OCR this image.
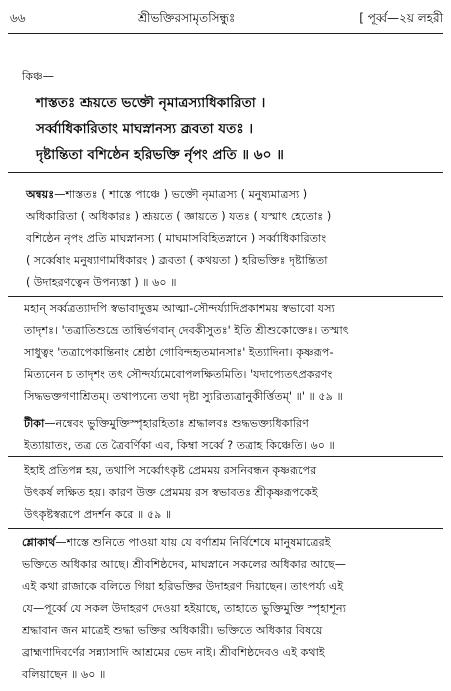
৬৬	শ্রীভক্তিরসামৃতসিন্ধুঃ	[ পূর্ব্ব—২য় লহরী
কিঞ্চ—
শাস্ততঃ শ্রূয়তে ভক্তৌ নৃমাত্রস্যাধিকারিতা ।
সর্ব্বাধিকারিতাং মাঘস্নানস্য ব্রূবতা যতঃ ।
দৃষ্টান্তিতা বশিষ্ঠেন হরিভক্তি র্নৃপং প্রতি ॥ ৬০ ॥
অন্বয়ঃ—শাস্ততঃ ( শাস্তে পাঞ্চে ) ভক্তৌ নৃমাত্রস্য ( মনুষ্যমাত্রস্য )
অধিকারিতা ( অধিকারঃ ) শ্রূয়তে ( জ্ঞায়তে ) যতঃ ( যস্মাৎ হেতোঃ )
বশিষ্ঠেন নৃপং প্রতি মাঘস্নানস্য ( মাঘমাসবিহিতস্নানে ) সর্ব্বাধিকারিতাং
( সর্ব্বেষাং মনুষ্যাণামধিকারং ) ব্রূবতা ( কথয়তা ) হরিভক্তিঃ দৃষ্টান্তিতা
( উদাহরণত্বেন উপন্যস্তা ) ॥ ৬০ ॥
মহান্ সর্ব্বত্রত্যাদপি স্বভাবাদুত্তম আত্মা-সৌন্দর্য্যাদিপ্রকাশময় স্বভাবো যস্য
তাদৃশঃ। 'তত্রাতিশুভ্রে তান্বির্ভগবান্ দেবকীসুতঃ' ইতি শ্রীশুকোক্তেঃ। তস্মাৎ
সাধুত্বং 'তত্রাপেকান্তিনাং শ্রেষ্ঠা গোবিন্দহৃতমানসাঃ' ইত্যাদিনা। কৃষ্ণরূপ-
মিত্যনেন চ তাদৃশং তৎ সৌন্দর্য্যমেবোপলক্ষিতমিতি। 'যদাপ্যেতৎপ্রকরণং
সিদ্ধভক্তগণাশ্রিতম্। তথাপ্যন্যে তথা দৃষ্টা স্যুরিত্যত্রানুকীর্ত্তিতম্' ॥' ॥ ৫৯ ॥
টীকা—নন্বেবং ভুক্তিমুক্তিস্পৃহারহিতাঃ শ্রদ্ধালবঃ শুদ্ধভক্ত্যধিকারিণ
ইত্যায়াতং, তত্র তে ত্রৈবর্ণিকা এব, কিম্বা সর্ব্বে ? তত্রাহ কিঞ্চেতি। ৬০ ॥
ইহাই প্রতিপন্ন হয়, তথাপি সর্ব্বোৎকৃষ্ট প্রেমময় রসনিবন্ধন কৃষ্ণরূপের
উৎকর্ষ লক্ষিত হয়। কারণ উক্ত প্রেমময় রস স্বভাবতঃ শ্রীকৃষ্ণরূপকেই
উৎকৃষ্টস্বরূপে প্রদর্শন করে ॥ ৫৯ ॥
শ্লোকার্থ—শাস্তে শুনিতে পাওয়া যায় যে বর্ণাশ্রম নির্বিশেষে মানুষমাত্রেরই
ভক্তিতে অধিকার আছে। শ্রীবশিষ্ঠদেব, মাঘস্নানে সকলের অধিকার আছে—
এই কথা রাজাকে বলিতে গিয়া হরিভক্তির উদাহরণ দিয়াছেন। তাৎপর্য্য এই
যে—পূর্ব্বে যে সকল উদাহরণ দেওয়া হইয়াছে, তাহাতে ভুক্তিমুক্তি স্পৃহাশূন্য
শ্রদ্ধাবান জন মাত্রেই শুদ্ধা ভক্তির অধিকারী। ভক্তিতে অধিকার বিষয়ে
ব্রাহ্মণাদিবর্ণের সন্ন্যাসাদি আশ্রমের ভেদ নাই। শ্রীবশিষ্ঠদেবও এই কথাই
বলিয়াছেন ॥ ৬০ ॥
